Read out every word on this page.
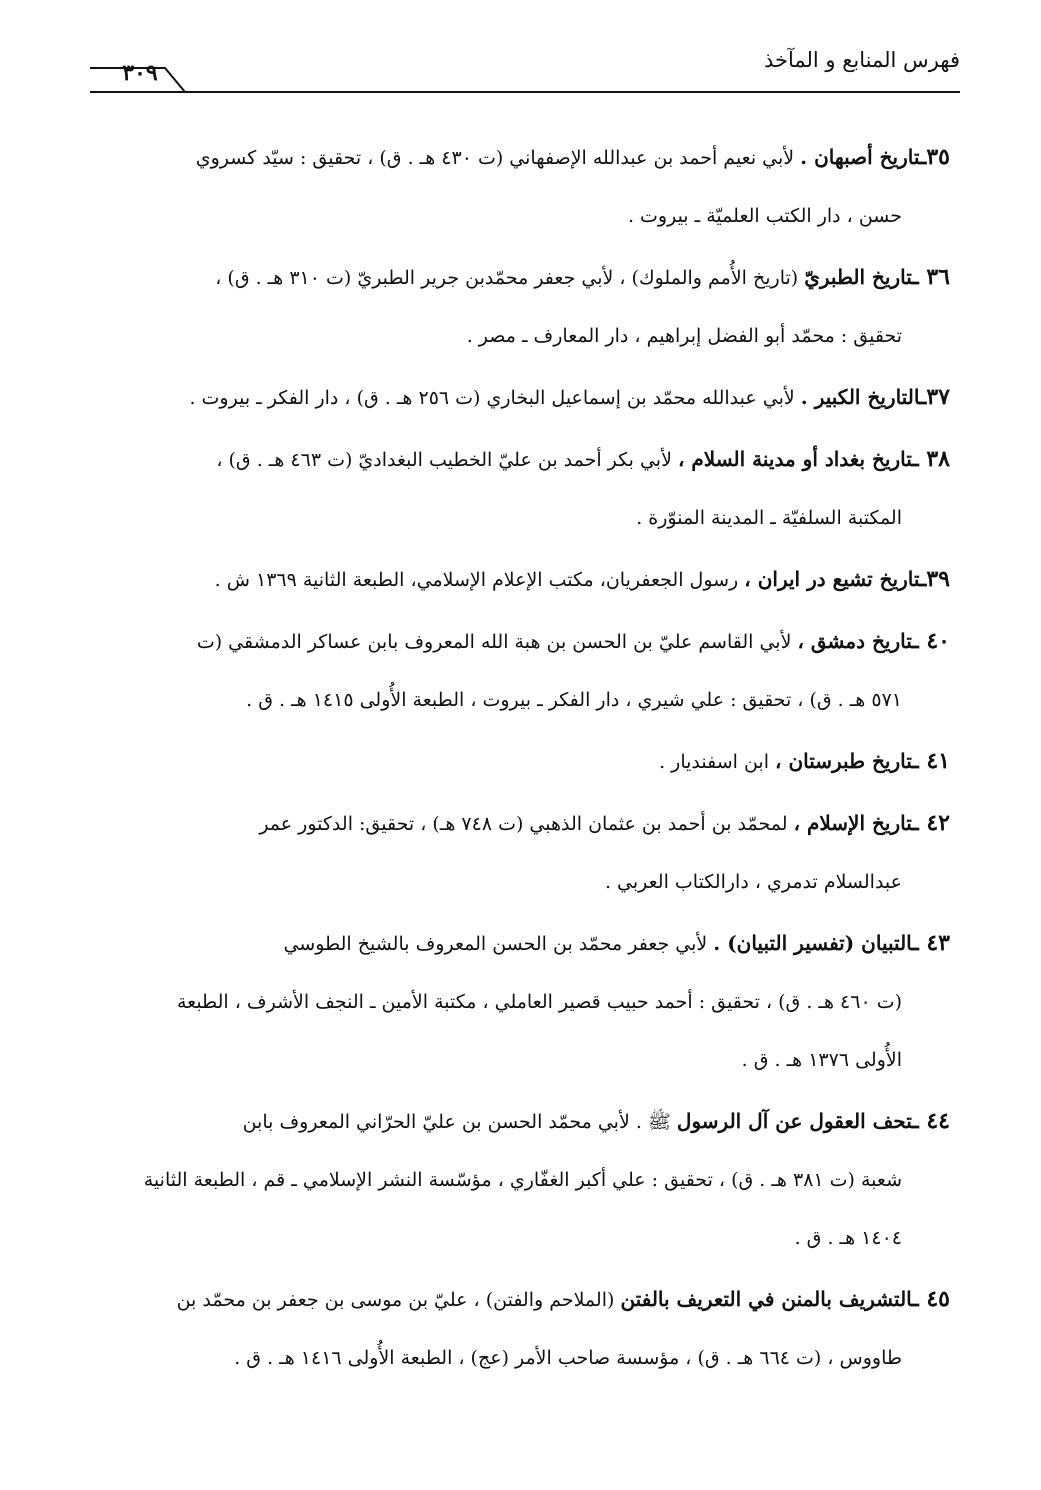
فهرس المنابع و المآخذ
٣٠٩
٣٥ـتاريخ أصبهان . لأبي نعيم أحمد بن عبدالله الإصفهاني (ت ٤٣٠ هـ . ق) ، تحقيق : سيّد كسروي
حسن ، دار الكتب العلميّة ـ بيروت .
٣٦ ـتاريخ الطبريّ (تاريخ الأُمم والملوك) ، لأبي جعفر محمّدبن جرير الطبريّ (ت ٣١٠ هـ . ق) ،
تحقيق : محمّد أبو الفضل إبراهيم ، دار المعارف ـ مصر .
٣٧ـالتاريخ الكبير . لأبي عبدالله محمّد بن إسماعيل البخاري (ت ٢٥٦ هـ . ق) ، دار الفكر ـ بيروت .
٣٨ ـتاريخ بغداد أو مدينة السلام ، لأبي بكر أحمد بن عليّ الخطيب البغداديّ (ت ٤٦٣ هـ . ق) ،
المكتبة السلفيّة ـ المدينة المنوّرة .
٣٩ـتاريخ تشيع در ايران ، رسول الجعفريان، مكتب الإعلام الإسلامي، الطبعة الثانية ١٣٦٩ ش .
٤٠ ـتاريخ دمشق ، لأبي القاسم عليّ بن الحسن بن هبة الله المعروف بابن عساكر الدمشقي (ت
٥٧١ هـ . ق) ، تحقيق : علي شيري ، دار الفكر ـ بيروت ، الطبعة الأُولى ١٤١٥ هـ . ق .
٤١ ـتاريخ طبرستان ، ابن اسفنديار .
٤٢ ـتاريخ الإسلام ، لمحمّد بن أحمد بن عثمان الذهبي (ت ٧٤٨ هـ) ، تحقيق: الدكتور عمر
عبدالسلام تدمري ، دارالكتاب العربي .
٤٣ ـالتبيان (تفسير التبيان) . لأبي جعفر محمّد بن الحسن المعروف بالشيخ الطوسي
(ت ٤٦٠ هـ . ق) ، تحقيق : أحمد حبيب قصير العاملي ، مكتبة الأمين ـ النجف الأشرف ، الطبعة
الأُولى ١٣٧٦ هـ . ق .
٤٤ ـتحف العقول عن آل الرسول ﷺ . لأبي محمّد الحسن بن عليّ الحرّاني المعروف بابن
شعبة (ت ٣٨١ هـ . ق) ، تحقيق : علي أكبر الغفّاري ، مؤسّسة النشر الإسلامي ـ قم ، الطبعة الثانية
١٤٠٤ هـ . ق .
٤٥ ـالتشريف بالمنن في التعريف بالفتن (الملاحم والفتن) ، عليّ بن موسى بن جعفر بن محمّد بن
طاووس ، (ت ٦٦٤ هـ . ق) ، مؤسسة صاحب الأمر (عج) ، الطبعة الأُولى ١٤١٦ هـ . ق .
